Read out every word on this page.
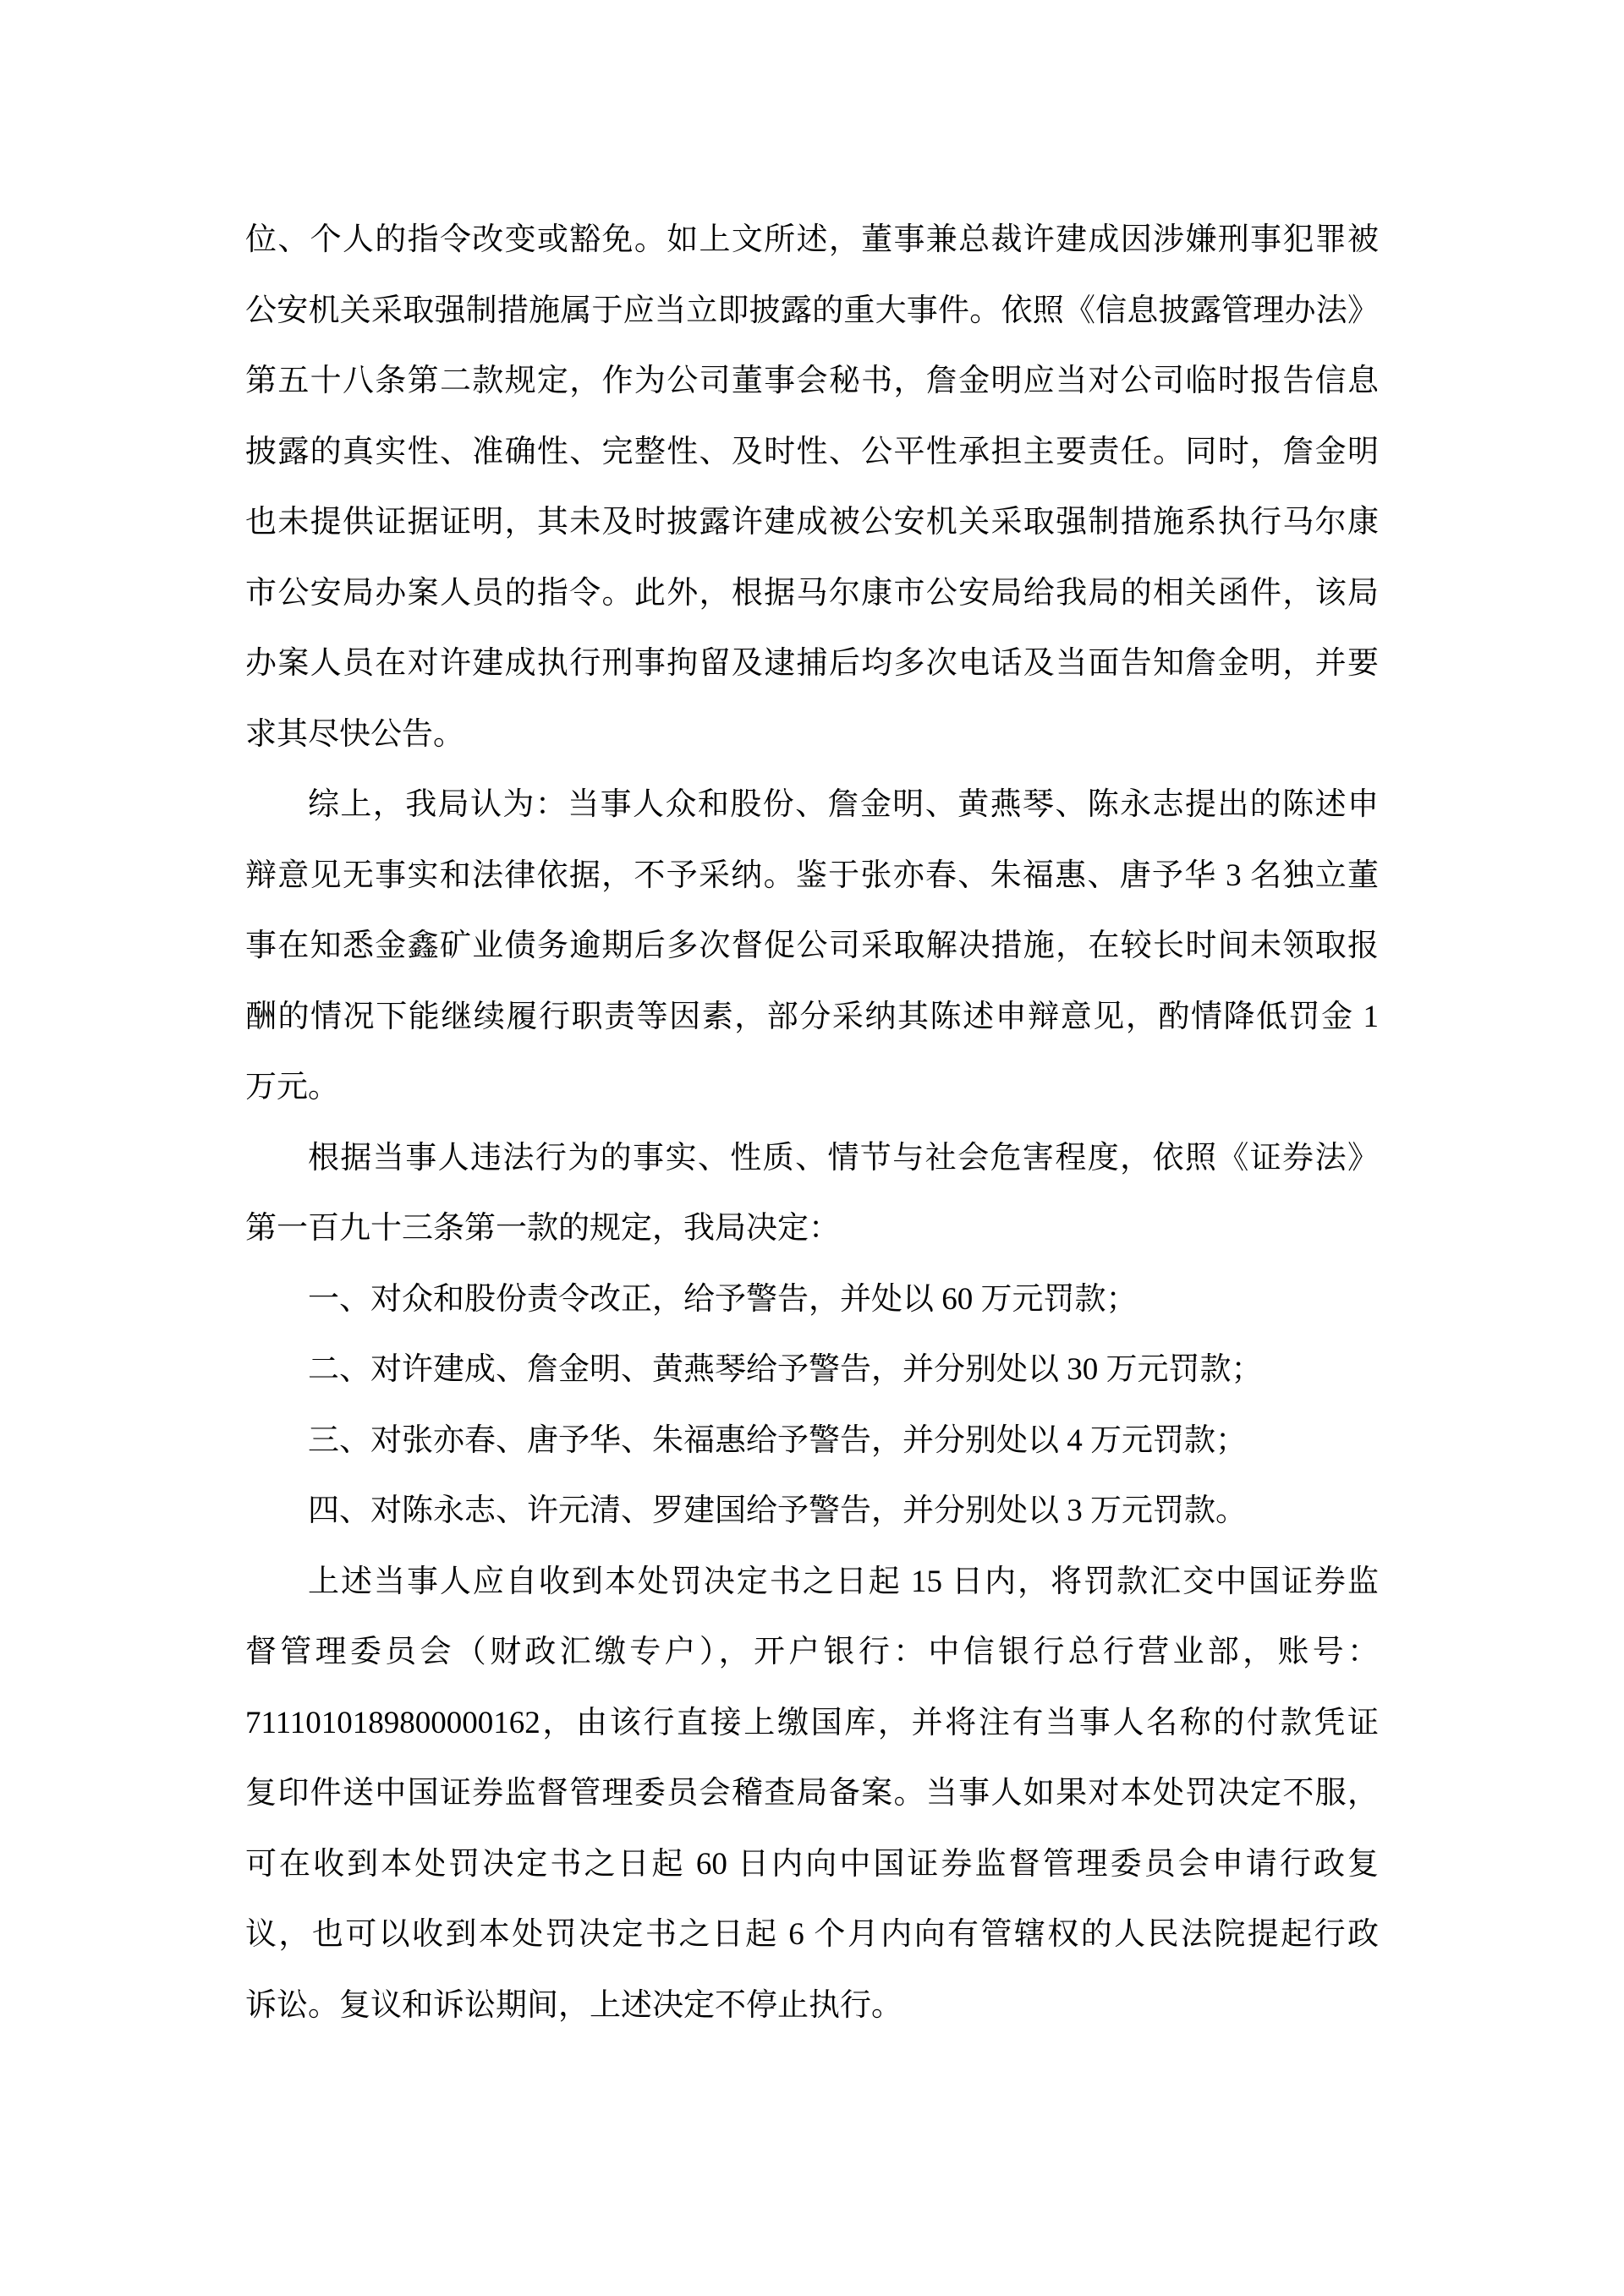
位、个人的指令改变或豁免。如上文所述，董事兼总裁许建成因涉嫌刑事犯罪被
公安机关采取强制措施属于应当立即披露的重大事件。依照《信息披露管理办法》
第五十八条第二款规定，作为公司董事会秘书，詹金明应当对公司临时报告信息
披露的真实性、准确性、完整性、及时性、公平性承担主要责任。同时，詹金明
也未提供证据证明，其未及时披露许建成被公安机关采取强制措施系执行马尔康
市公安局办案人员的指令。此外，根据马尔康市公安局给我局的相关函件，该局
办案人员在对许建成执行刑事拘留及逮捕后均多次电话及当面告知詹金明，并要
求其尽快公告。
综上，我局认为：当事人众和股份、詹金明、黄燕琴、陈永志提出的陈述申
辩意见无事实和法律依据，不予采纳。鉴于张亦春、朱福惠、唐予华 3 名独立董
事在知悉金鑫矿业债务逾期后多次督促公司采取解决措施，在较长时间未领取报
酬的情况下能继续履行职责等因素，部分采纳其陈述申辩意见，酌情降低罚金 1
万元。
根据当事人违法行为的事实、性质、情节与社会危害程度，依照《证券法》
第一百九十三条第一款的规定，我局决定：
一、对众和股份责令改正，给予警告，并处以 60 万元罚款；
二、对许建成、詹金明、黄燕琴给予警告，并分别处以 30 万元罚款；
三、对张亦春、唐予华、朱福惠给予警告，并分别处以 4 万元罚款；
四、对陈永志、许元清、罗建国给予警告，并分别处以 3 万元罚款。
上述当事人应自收到本处罚决定书之日起 15 日内，将罚款汇交中国证券监
督管理委员会（财政汇缴专户），开户银行：中信银行总行营业部，账号：
7111010189800000162，由该行直接上缴国库，并将注有当事人名称的付款凭证
复印件送中国证券监督管理委员会稽查局备案。当事人如果对本处罚决定不服，
可在收到本处罚决定书之日起 60 日内向中国证券监督管理委员会申请行政复
议，也可以收到本处罚决定书之日起 6 个月内向有管辖权的人民法院提起行政
诉讼。复议和诉讼期间，上述决定不停止执行。
